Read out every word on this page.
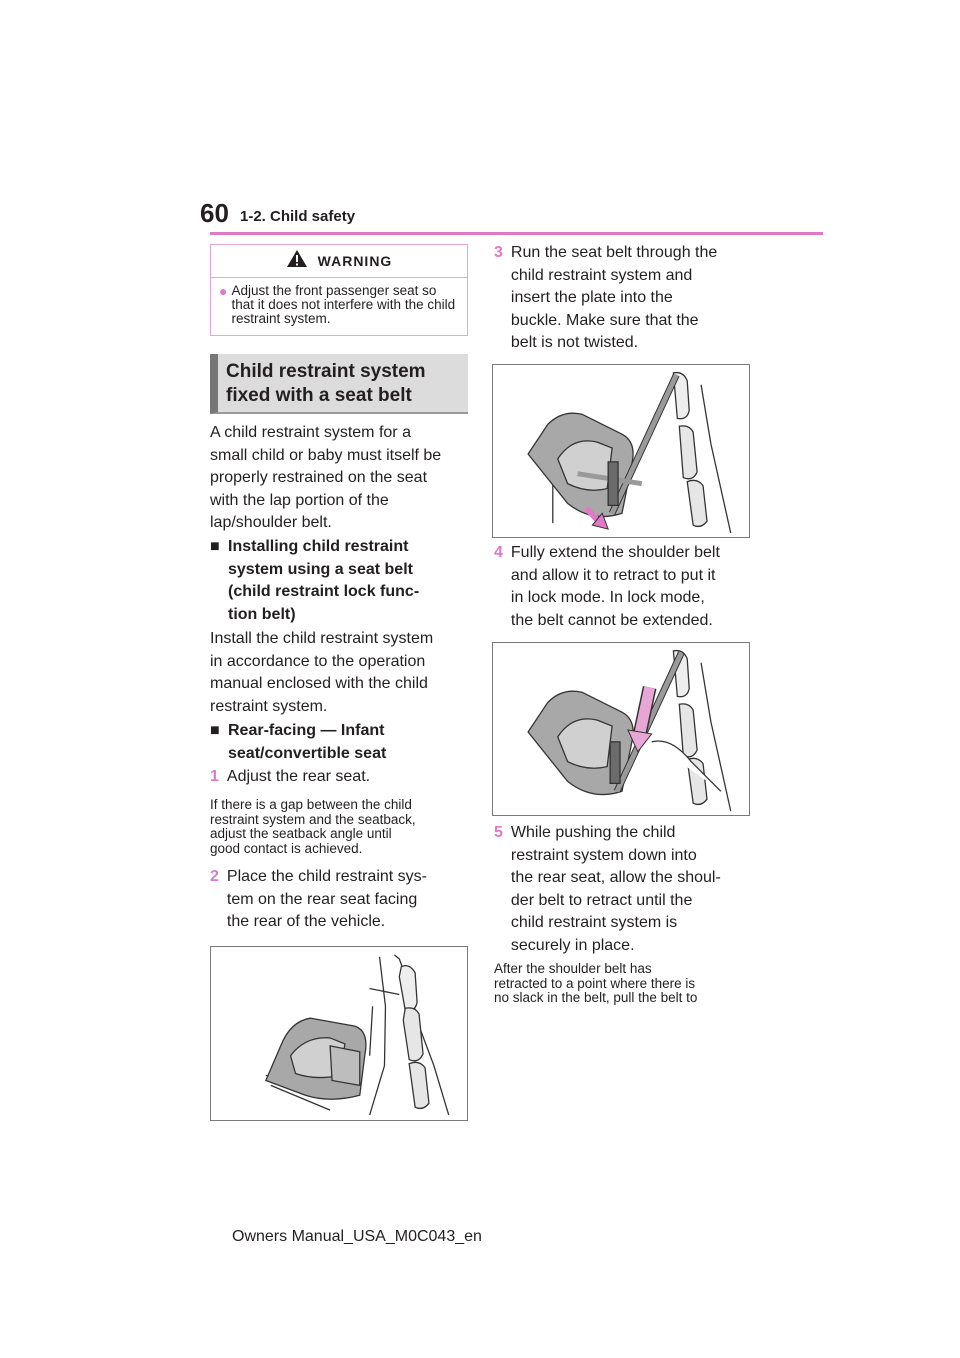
60 1-2. Child safety
WARNING
● Adjust the front passenger seat so that it does not interfere with the child restraint system.
Child restraint system
fixed with a seat belt
A child restraint system for a
small child or baby must itself be
properly restrained on the seat
with the lap portion of the
lap/shoulder belt.
■ Installing child restraint
system using a seat belt
(child restraint lock func-
tion belt)
Install the child restraint system
in accordance to the operation
manual enclosed with the child
restraint system.
■ Rear-facing — Infant
seat/convertible seat
1 Adjust the rear seat.
If there is a gap between the child
restraint system and the seatback,
adjust the seatback angle until
good contact is achieved.
2 Place the child restraint sys-
tem on the rear seat facing
the rear of the vehicle.
3 Run the seat belt through the
child restraint system and
insert the plate into the
buckle. Make sure that the
belt is not twisted.
4 Fully extend the shoulder belt
and allow it to retract to put it
in lock mode. In lock mode,
the belt cannot be extended.
5 While pushing the child
restraint system down into
the rear seat, allow the shoul-
der belt to retract until the
child restraint system is
securely in place.
After the shoulder belt has
retracted to a point where there is
no slack in the belt, pull the belt to
Owners Manual_USA_M0C043_en
